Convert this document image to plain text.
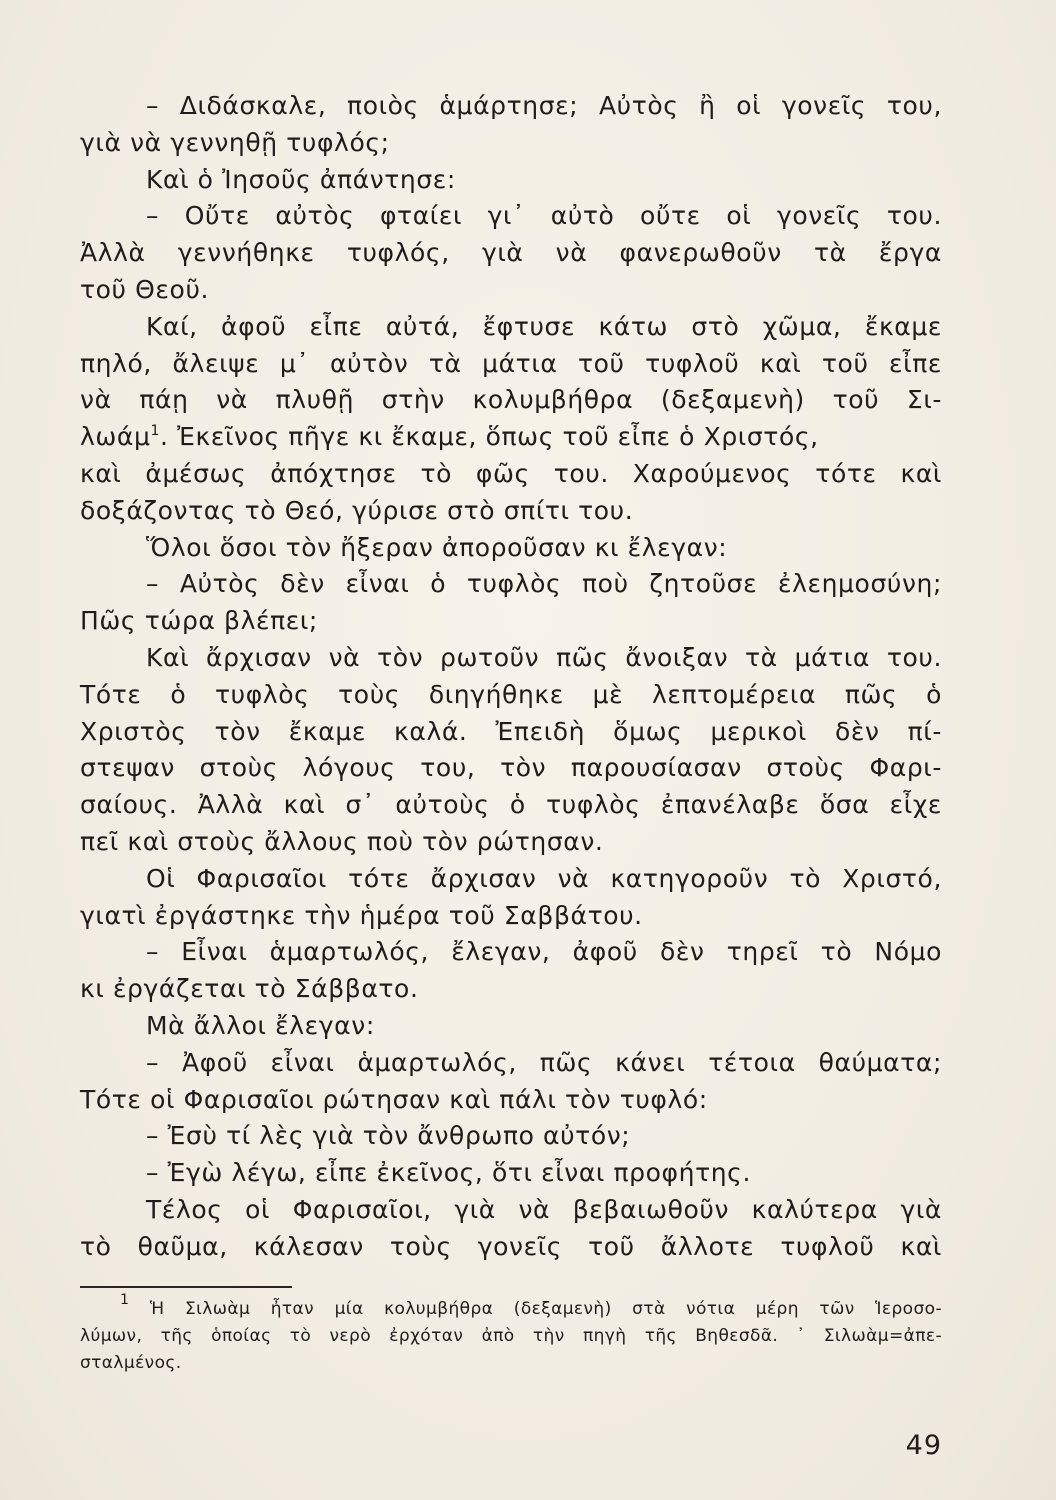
– Διδάσκαλε, ποιὸς ἁμάρτησε; Αὐτὸς ἢ οἱ γονεῖς του,
γιὰ νὰ γεννηθῇ τυφλός;
Καὶ ὁ Ἰησοῦς ἀπάντησε:
– Οὔτε αὐτὸς φταίει γι᾿ αὐτὸ οὔτε οἱ γονεῖς του.
Ἀλλὰ γεννήθηκε τυφλός, γιὰ νὰ φανερωθοῦν τὰ ἔργα
τοῦ Θεοῦ.
Καί, ἀφοῦ εἶπε αὐτά, ἔφτυσε κάτω στὸ χῶμα, ἔκαμε
πηλό, ἄλειψε μ᾿ αὐτὸν τὰ μάτια τοῦ τυφλοῦ καὶ τοῦ εἶπε
νὰ πάῃ νὰ πλυθῇ στὴν κολυμβήθρα (δεξαμενὴ) τοῦ Σι-
λωάμ$^1$. Ἐκεῖνος πῆγε κι ἔκαμε, ὅπως τοῦ εἶπε ὁ Χριστός,
καὶ ἀμέσως ἀπόχτησε τὸ φῶς του. Χαρούμενος τότε καὶ
δοξάζοντας τὸ Θεό, γύρισε στὸ σπίτι του.
Ὅλοι ὅσοι τὸν ἤξεραν ἀποροῦσαν κι ἔλεγαν:
– Αὐτὸς δὲν εἶναι ὁ τυφλὸς ποὺ ζητοῦσε ἐλεημοσύνη;
Πῶς τώρα βλέπει;
Καὶ ἄρχισαν νὰ τὸν ρωτοῦν πῶς ἄνοιξαν τὰ μάτια του.
Τότε ὁ τυφλὸς τοὺς διηγήθηκε μὲ λεπτομέρεια πῶς ὁ
Χριστὸς τὸν ἔκαμε καλά. Ἐπειδὴ ὅμως μερικοὶ δὲν πί-
στεψαν στοὺς λόγους του, τὸν παρουσίασαν στοὺς Φαρι-
σαίους. Ἀλλὰ καὶ σ᾿ αὐτοὺς ὁ τυφλὸς ἐπανέλαβε ὅσα εἶχε
πεῖ καὶ στοὺς ἄλλους ποὺ τὸν ρώτησαν.
Οἱ Φαρισαῖοι τότε ἄρχισαν νὰ κατηγοροῦν τὸ Χριστό,
γιατὶ ἐργάστηκε τὴν ἡμέρα τοῦ Σαββάτου.
– Εἶναι ἁμαρτωλός, ἔλεγαν, ἀφοῦ δὲν τηρεῖ τὸ Νόμο
κι ἐργάζεται τὸ Σάββατο.
Μὰ ἄλλοι ἔλεγαν:
– Ἀφοῦ εἶναι ἁμαρτωλός, πῶς κάνει τέτοια θαύματα;
Τότε οἱ Φαρισαῖοι ρώτησαν καὶ πάλι τὸν τυφλό:
– Ἐσὺ τί λὲς γιὰ τὸν ἄνθρωπο αὐτόν;
– Ἐγὼ λέγω, εἶπε ἐκεῖνος, ὅτι εἶναι προφήτης.
Τέλος οἱ Φαρισαῖοι, γιὰ νὰ βεβαιωθοῦν καλύτερα γιὰ
τὸ θαῦμα, κάλεσαν τοὺς γονεῖς τοῦ ἄλλοτε τυφλοῦ καὶ
$^1$ Ἡ Σιλωὰμ ἦταν μία κολυμβήθρα (δεξαμενὴ) στὰ νότια μέρη τῶν Ἱεροσο-
λύμων, τῆς ὁποίας τὸ νερὸ ἐρχόταν ἀπὸ τὴν πηγὴ τῆς Βηθεσδᾶ. ᾿ Σιλωὰμ=ἀπε-
σταλμένος.
49
